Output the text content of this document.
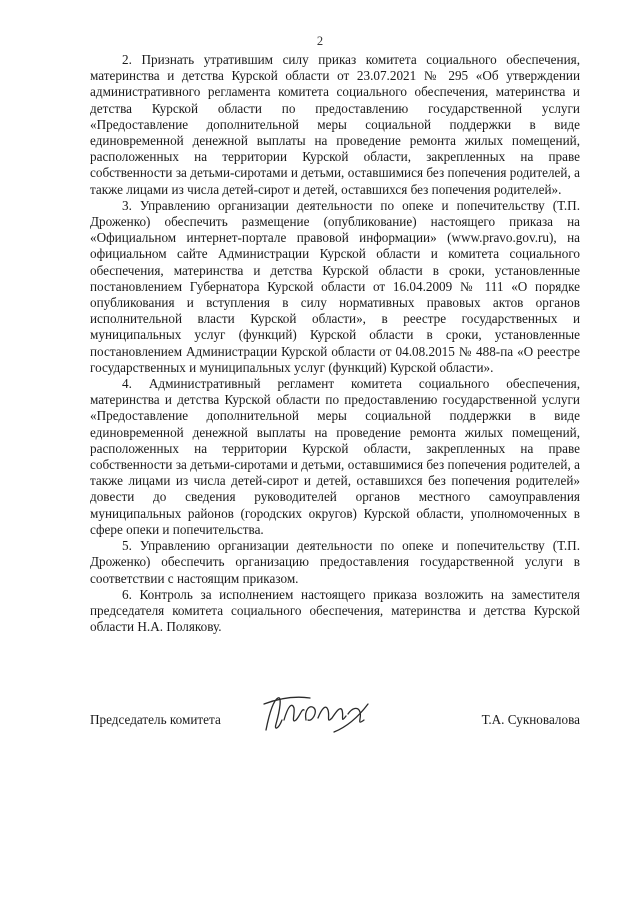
2

2. Признать утратившим силу приказ комитета социального обеспечения, материнства и детства Курской области от 23.07.2021 № 295 «Об утверждении административного регламента комитета социального обеспечения, материнства и детства Курской области по предоставлению государственной услуги «Предоставление дополнительной меры социальной поддержки в виде единовременной денежной выплаты на проведение ремонта жилых помещений, расположенных на территории Курской области, закрепленных на праве собственности за детьми-сиротами и детьми, оставшимися без попечения родителей, а также лицами из числа детей-сирот и детей, оставшихся без попечения родителей».

3. Управлению организации деятельности по опеке и попечительству (Т.П. Дроженко) обеспечить размещение (опубликование) настоящего приказа на «Официальном интернет-портале правовой информации» (www.pravo.gov.ru), на официальном сайте Администрации Курской области и комитета социального обеспечения, материнства и детства Курской области в сроки, установленные постановлением Губернатора Курской области от 16.04.2009 № 111 «О порядке опубликования и вступления в силу нормативных правовых актов органов исполнительной власти Курской области», в реестре государственных и муниципальных услуг (функций) Курской области в сроки, установленные постановлением Администрации Курской области от 04.08.2015 № 488-па «О реестре государственных и муниципальных услуг (функций) Курской области».

4. Административный регламент комитета социального обеспечения, материнства и детства Курской области по предоставлению государственной услуги «Предоставление дополнительной меры социальной поддержки в виде единовременной денежной выплаты на проведение ремонта жилых помещений, расположенных на территории Курской области, закрепленных на праве собственности за детьми-сиротами и детьми, оставшимися без попечения родителей, а также лицами из числа детей-сирот и детей, оставшихся без попечения родителей» довести до сведения руководителей органов местного самоуправления муниципальных районов (городских округов) Курской области, уполномоченных в сфере опеки и попечительства.

5. Управлению организации деятельности по опеке и попечительству (Т.П. Дроженко) обеспечить организацию предоставления государственной услуги в соответствии с настоящим приказом.

6. Контроль за исполнением настоящего приказа возложить на заместителя председателя комитета социального обеспечения, материнства и детства Курской области Н.А. Полякову.

Председатель комитета	Т.А. Сукновалова
